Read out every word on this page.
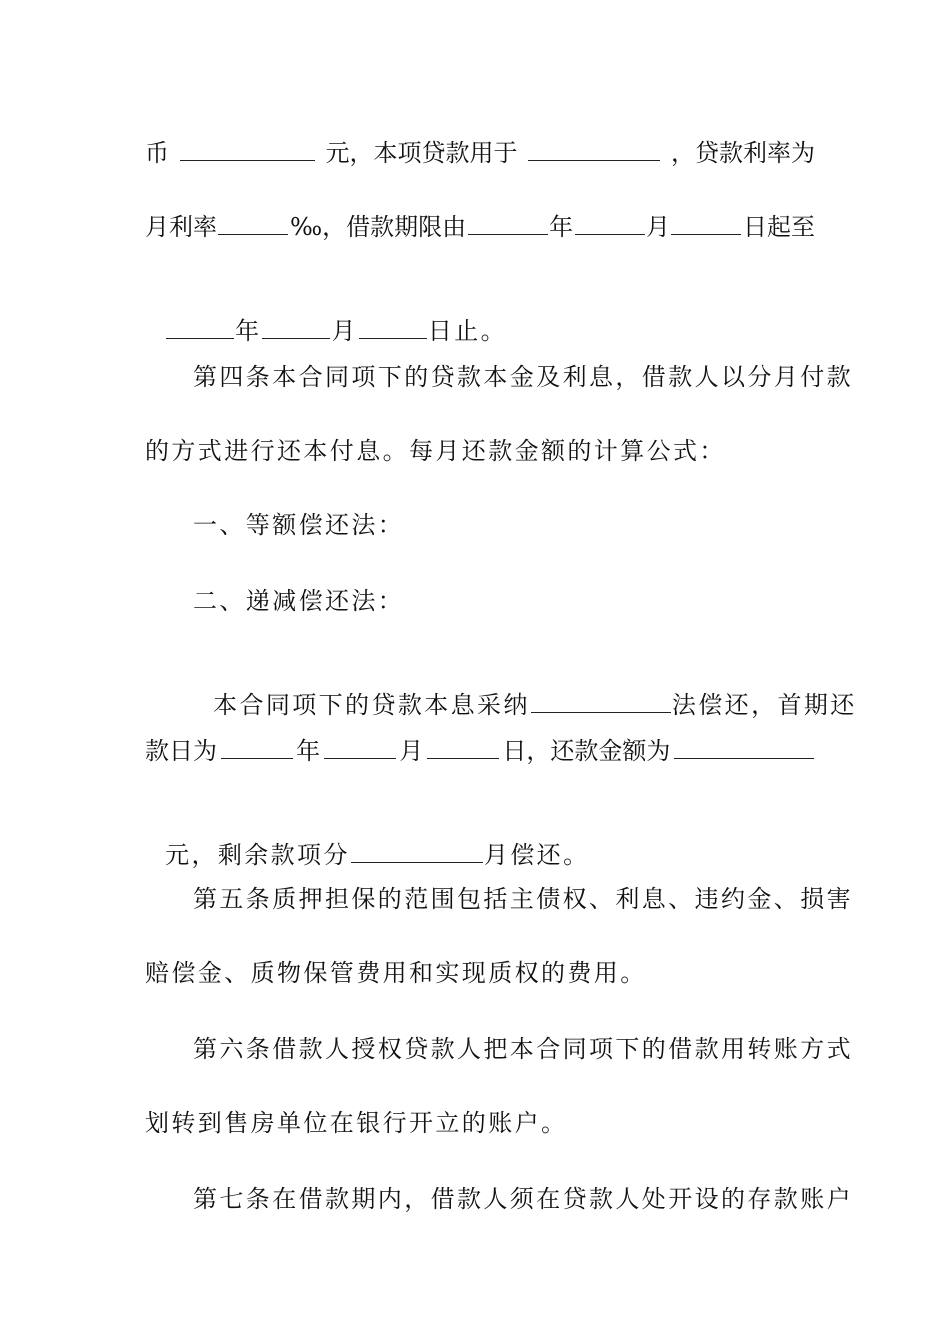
币	元，本项贷款用于	，贷款利率为
月利率	‰，借款期限由	年	月	日起至

年	月	日止。

第四条本合同项下的贷款本金及利息，借款人以分月付款
的方式进行还本付息。每月还款金额的计算公式：
一、等额偿还法：
二、递减偿还法：

本合同项下的贷款本息采纳	法偿还，首期还

款日为	年	月	日，还款金额为

元，剩余款项分	月偿还。

第五条质押担保的范围包括主债权、利息、违约金、损害
赔偿金、质物保管费用和实现质权的费用。
第六条借款人授权贷款人把本合同项下的借款用转账方式
划转到售房单位在银行开立的账户。
第七条在借款期内，借款人须在贷款人处开设的存款账户
